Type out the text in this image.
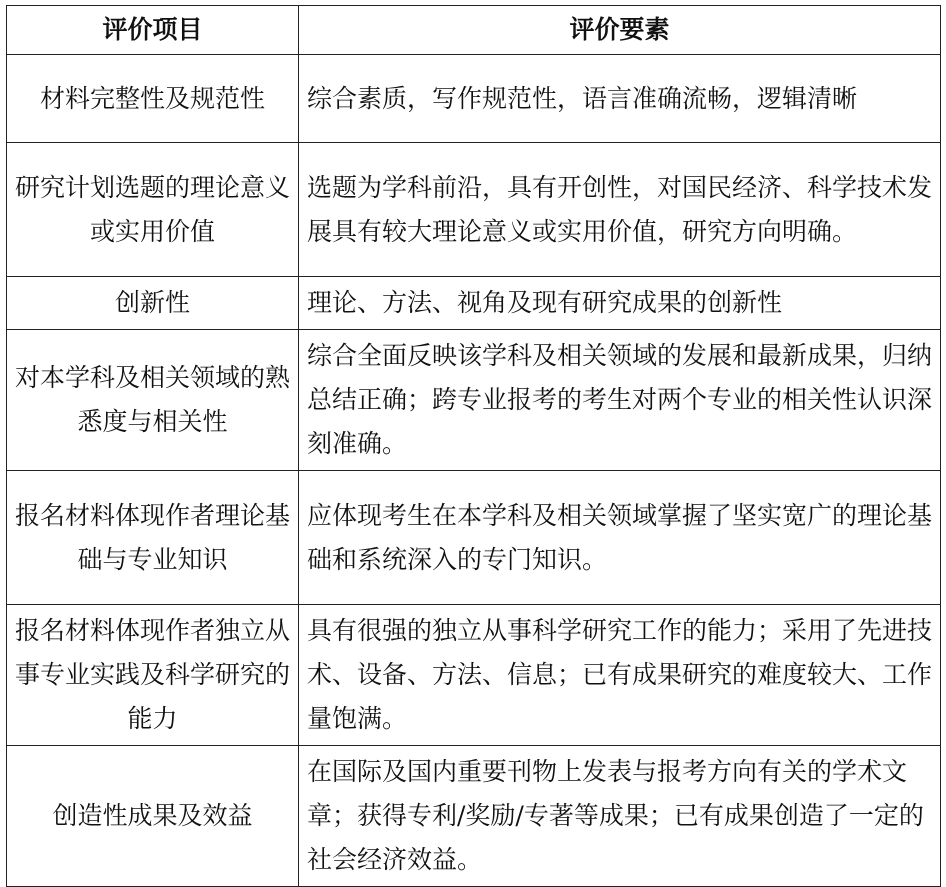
评价项目	评价要素
材料完整性及规范性	综合素质，写作规范性，语言准确流畅，逻辑清晰
研究计划选题的理论意义或实用价值	选题为学科前沿，具有开创性，对国民经济、科学技术发展具有较大理论意义或实用价值，研究方向明确。
创新性	理论、方法、视角及现有研究成果的创新性
对本学科及相关领域的熟悉度与相关性	综合全面反映该学科及相关领域的发展和最新成果，归纳总结正确；跨专业报考的考生对两个专业的相关性认识深刻准确。
报名材料体现作者理论基础与专业知识	应体现考生在本学科及相关领域掌握了坚实宽广的理论基础和系统深入的专门知识。
报名材料体现作者独立从事专业实践及科学研究的能力	具有很强的独立从事科学研究工作的能力；采用了先进技术、设备、方法、信息；已有成果研究的难度较大、工作量饱满。
创造性成果及效益	在国际及国内重要刊物上发表与报考方向有关的学术文章；获得专利/奖励/专著等成果；已有成果创造了一定的社会经济效益。
